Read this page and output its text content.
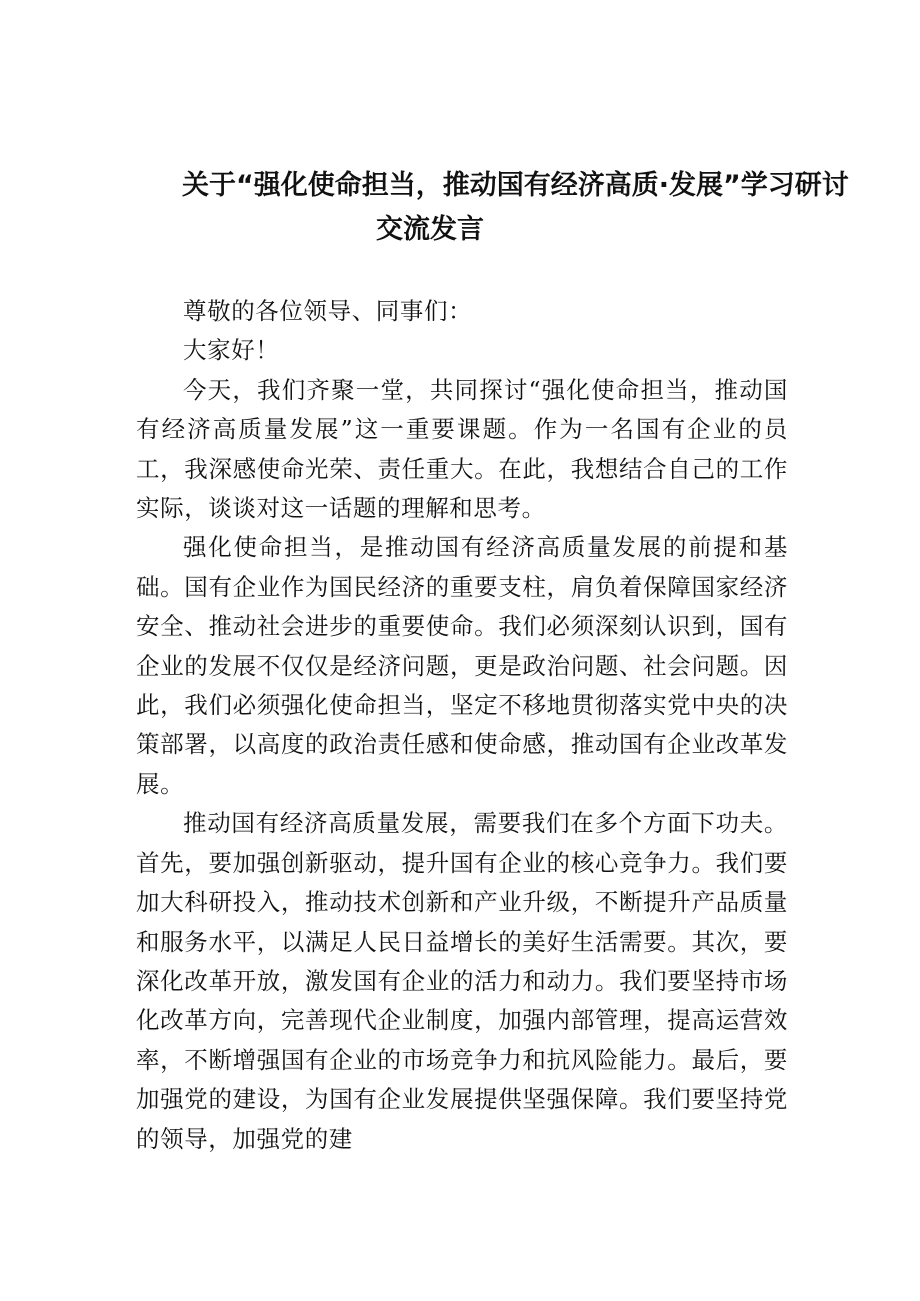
关于“强化使命担当，推动国有经济高质·发展”学习研讨
交流发言

尊敬的各位领导、同事们：

大家好！

今天，我们齐聚一堂，共同探讨“强化使命担当，推动国有经济高质量发展”这一重要课题。作为一名国有企业的员工，我深感使命光荣、责任重大。在此，我想结合自己的工作实际，谈谈对这一话题的理解和思考。

强化使命担当，是推动国有经济高质量发展的前提和基础。国有企业作为国民经济的重要支柱，肩负着保障国家经济安全、推动社会进步的重要使命。我们必须深刻认识到，国有企业的发展不仅仅是经济问题，更是政治问题、社会问题。因此，我们必须强化使命担当，坚定不移地贯彻落实党中央的决策部署，以高度的政治责任感和使命感，推动国有企业改革发展。

推动国有经济高质量发展，需要我们在多个方面下功夫。首先，要加强创新驱动，提升国有企业的核心竞争力。我们要加大科研投入，推动技术创新和产业升级，不断提升产品质量和服务水平，以满足人民日益增长的美好生活需要。其次，要深化改革开放，激发国有企业的活力和动力。我们要坚持市场化改革方向，完善现代企业制度，加强内部管理，提高运营效率，不断增强国有企业的市场竞争力和抗风险能力。最后，要加强党的建设，为国有企业发展提供坚强保障。我们要坚持党的领导，加强党的建
